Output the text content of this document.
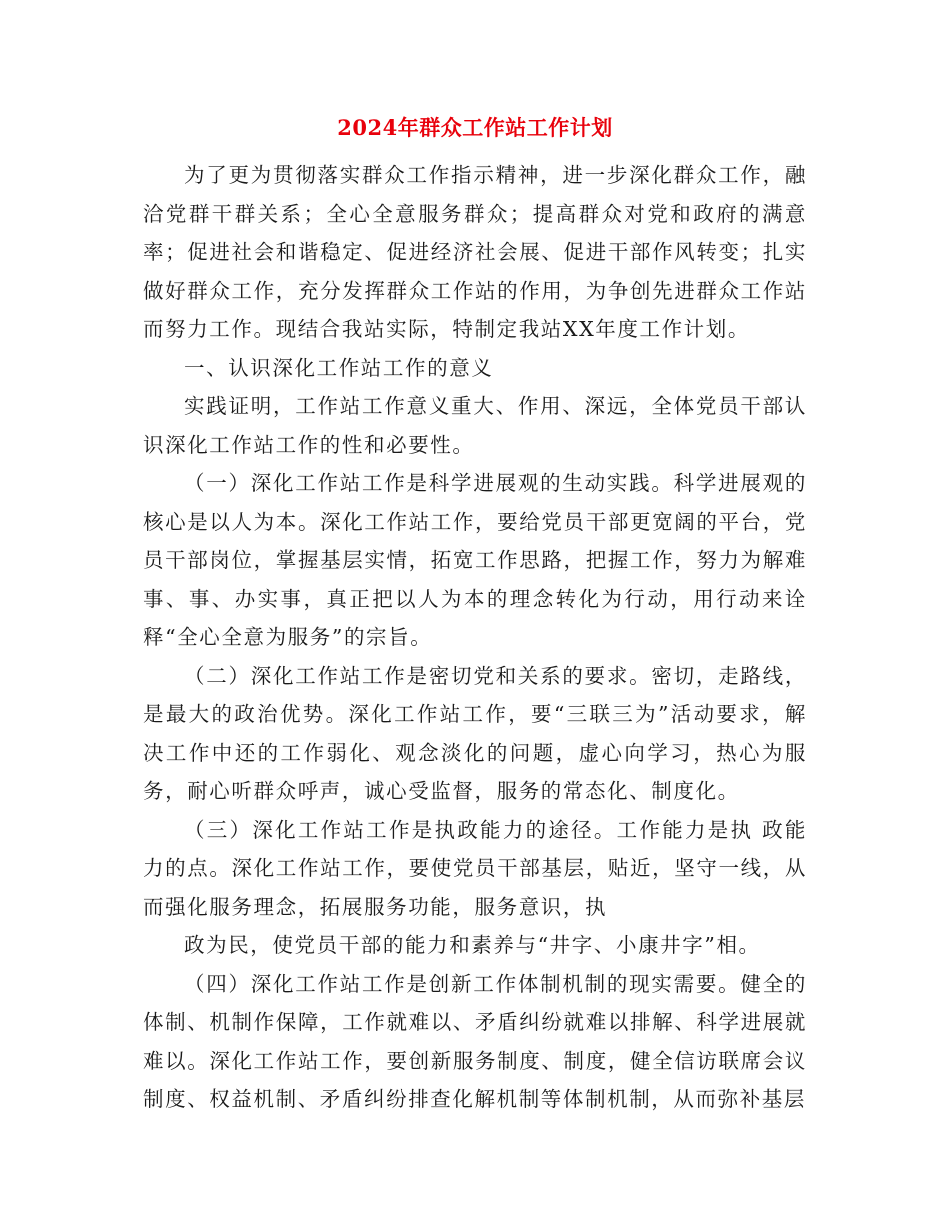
2024年群众工作站工作计划

为了更为贯彻落实群众工作指示精神，进一步深化群众工作，融洽党群干群关系；全心全意服务群众；提高群众对党和政府的满意率；促进社会和谐稳定、促进经济社会展、促进干部作风转变；扎实做好群众工作，充分发挥群众工作站的作用，为争创先进群众工作站而努力工作。现结合我站实际，特制定我站XX年度工作计划。

一、认识深化工作站工作的意义

实践证明，工作站工作意义重大、作用、深远，全体党员干部认识深化工作站工作的性和必要性。

（一）深化工作站工作是科学进展观的生动实践。科学进展观的核心是以人为本。深化工作站工作，要给党员干部更宽阔的平台，党员干部岗位，掌握基层实情，拓宽工作思路，把握工作，努力为解难事、事、办实事，真正把以人为本的理念转化为行动，用行动来诠释“全心全意为服务”的宗旨。

（二）深化工作站工作是密切党和关系的要求。密切，走路线，是最大的政治优势。深化工作站工作，要“三联三为”活动要求，解决工作中还的工作弱化、观念淡化的问题，虚心向学习，热心为服务，耐心听群众呼声，诚心受监督，服务的常态化、制度化。

（三）深化工作站工作是执政能力的途径。工作能力是执 政能力的点。深化工作站工作，要使党员干部基层，贴近，坚守一线，从而强化服务理念，拓展服务功能，服务意识，执

政为民，使党员干部的能力和素养与“井字、小康井字”相。

（四）深化工作站工作是创新工作体制机制的现实需要。健全的体制、机制作保障，工作就难以、矛盾纠纷就难以排解、科学进展就难以。深化工作站工作，要创新服务制度、制度，健全信访联席会议制度、权益机制、矛盾纠纷排查化解机制等体制机制，从而弥补基层
